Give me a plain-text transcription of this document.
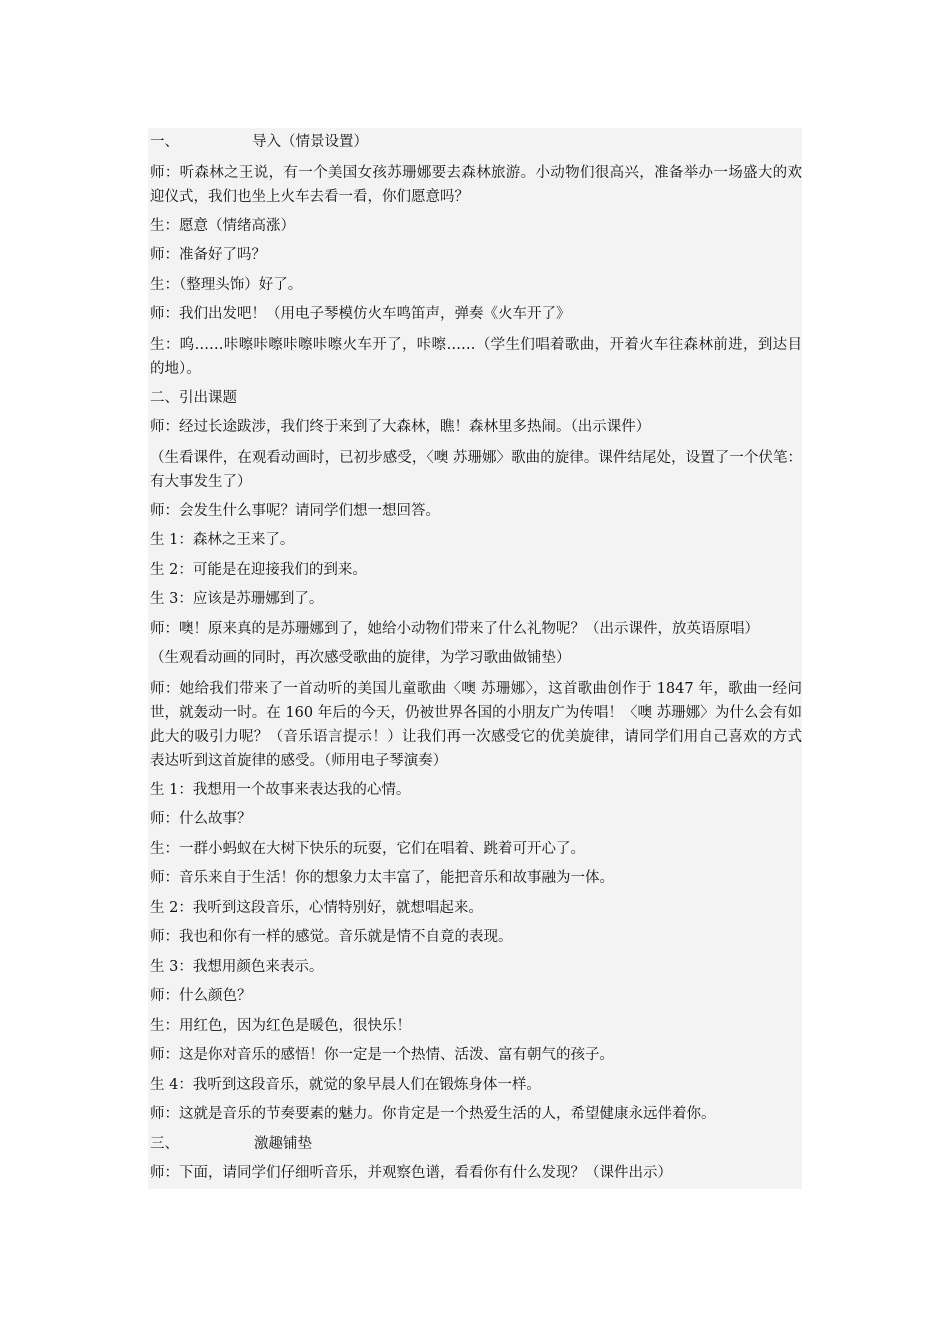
一、	导入（情景设置）
师：听森林之王说，有一个美国女孩苏珊娜要去森林旅游。小动物们很高兴，准备举办一场盛大的欢迎仪式，我们也坐上火车去看一看，你们愿意吗？
生：愿意（情绪高涨）
师：准备好了吗？
生：（整理头饰）好了。
师：我们出发吧！（用电子琴模仿火车鸣笛声，弹奏《火车开了》
生：呜……咔嚓咔嚓咔嚓咔嚓火车开了，咔嚓……（学生们唱着歌曲，开着火车往森林前进，到达目的地）。
二、引出课题
师：经过长途跋涉，我们终于来到了大森林，瞧！森林里多热闹。（出示课件）
（生看课件，在观看动画时，已初步感受，〈噢 苏珊娜〉歌曲的旋律。课件结尾处，设置了一个伏笔：有大事发生了）
师：会发生什么事呢？请同学们想一想回答。
生 1：森林之王来了。
生 2：可能是在迎接我们的到来。
生 3：应该是苏珊娜到了。
师：噢！原来真的是苏珊娜到了，她给小动物们带来了什么礼物呢？（出示课件，放英语原唱）
（生观看动画的同时，再次感受歌曲的旋律，为学习歌曲做铺垫）
师：她给我们带来了一首动听的美国儿童歌曲〈噢 苏珊娜〉，这首歌曲创作于 1847 年，歌曲一经问世，就轰动一时。在 160 年后的今天，仍被世界各国的小朋友广为传唱！〈噢 苏珊娜〉为什么会有如此大的吸引力呢？（音乐语言提示！）让我们再一次感受它的优美旋律，请同学们用自己喜欢的方式表达听到这首旋律的感受。（师用电子琴演奏）
生 1：我想用一个故事来表达我的心情。
师：什么故事？
生：一群小蚂蚁在大树下快乐的玩耍，它们在唱着、跳着可开心了。
师：音乐来自于生活！你的想象力太丰富了，能把音乐和故事融为一体。
生 2：我听到这段音乐，心情特别好，就想唱起来。
师：我也和你有一样的感觉。音乐就是情不自竟的表现。
生 3：我想用颜色来表示。
师：什么颜色？
生：用红色，因为红色是暖色，很快乐！
师：这是你对音乐的感悟！你一定是一个热情、活泼、富有朝气的孩子。
生 4：我听到这段音乐，就觉的象早晨人们在锻炼身体一样。
师：这就是音乐的节奏要素的魅力。你肯定是一个热爱生活的人，希望健康永远伴着你。
三、	激趣铺垫
师：下面，请同学们仔细听音乐，并观察色谱，看看你有什么发现？（课件出示）
